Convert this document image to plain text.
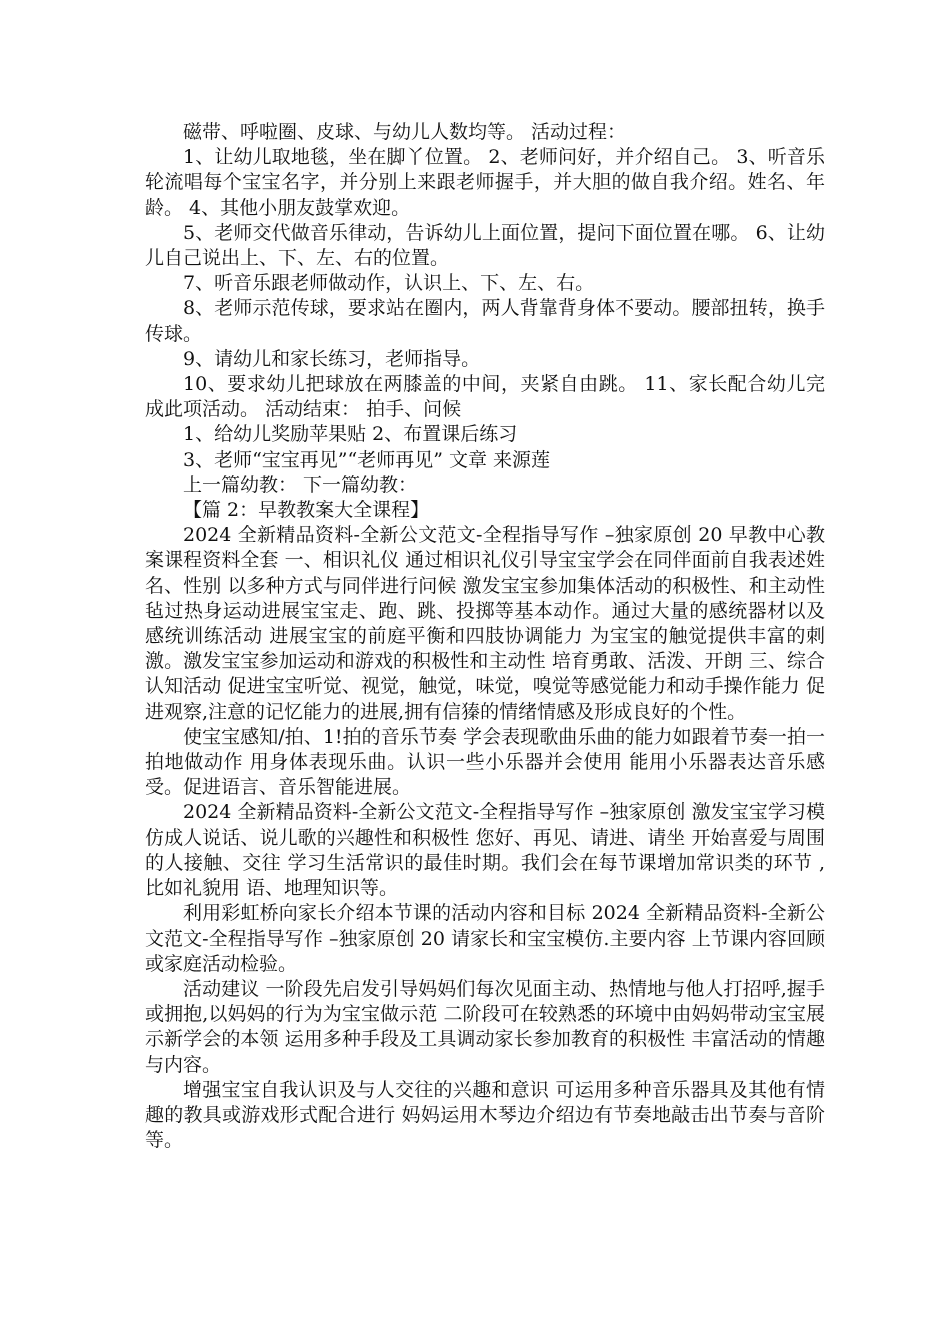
磁带、呼啦圈、皮球、与幼儿人数均等。 活动过程：

1、让幼儿取地毯，坐在脚丫位置。 2、老师问好，并介绍自己。 3、听音乐轮流唱每个宝宝名字，并分别上来跟老师握手，并大胆的做自我介绍。姓名、年龄。 4、其他小朋友鼓掌欢迎。

5、老师交代做音乐律动，告诉幼儿上面位置，提问下面位置在哪。 6、让幼儿自己说出上、下、左、右的位置。

7、听音乐跟老师做动作，认识上、下、左、右。

8、老师示范传球，要求站在圈内，两人背靠背身体不要动。腰部扭转，换手传球。

9、请幼儿和家长练习，老师指导。

10、要求幼儿把球放在两膝盖的中间，夹紧自由跳。 11、家长配合幼儿完成此项活动。 活动结束： 拍手、问候

1、给幼儿奖励苹果贴 2、布置课后练习

3、老师“宝宝再见”“老师再见” 文章 来源莲

上一篇幼教： 下一篇幼教：

【篇 2：早教教案大全课程】

2024 全新精品资料-全新公文范文-全程指导写作 –独家原创 20 早教中心教案课程资料全套 一、相识礼仪 通过相识礼仪引导宝宝学会在同伴面前自我表述姓名、性别 以多种方式与同伴进行问候 激发宝宝参加集体活动的积极性、和主动性 毡过热身运动进展宝宝走、跑、跳、投掷等基本动作。通过大量的感统器材以及感统训练活动 进展宝宝的前庭平衡和四肢协调能力 为宝宝的触觉提供丰富的刺激。激发宝宝参加运动和游戏的积极性和主动性 培育勇敢、活泼、开朗 三、综合认知活动 促进宝宝听觉、视觉，触觉，味觉，嗅觉等感觉能力和动手操作能力 促进观察,注意的记忆能力的进展,拥有信獉的情绪情感及形成良好的个性。

使宝宝感知/拍、1!拍的音乐节奏 学会表现歌曲乐曲的能力如跟着节奏一拍一拍地做动作 用身体表现乐曲。认识一些小乐器并会使用 能用小乐器表达音乐感受。促进语言、音乐智能进展。

2024 全新精品资料-全新公文范文-全程指导写作 –独家原创 激发宝宝学习模仿成人说话、说儿歌的兴趣性和积极性 您好、再见、请进、请坐 开始喜爱与周围的人接触、交往 学习生活常识的最佳时期。我们会在每节课增加常识类的环节 ,比如礼貌用 语、地理知识等。

利用彩虹桥向家长介绍本节课的活动内容和目标 2024 全新精品资料-全新公文范文-全程指导写作 –独家原创 20 请家长和宝宝模仿.主要内容 上节课内容回顾或家庭活动检验。

活动建议 一阶段先启发引导妈妈们每次见面主动、热情地与他人打招呼,握手或拥抱,以妈妈的行为为宝宝做示范 二阶段可在较熟悉的环境中由妈妈带动宝宝展示新学会的本领 运用多种手段及工具调动家长参加教育的积极性 丰富活动的情趣与内容。

增强宝宝自我认识及与人交往的兴趣和意识 可运用多种音乐器具及其他有情趣的教具或游戏形式配合进行 妈妈运用木琴边介绍边有节奏地敲击出节奏与音阶等。
